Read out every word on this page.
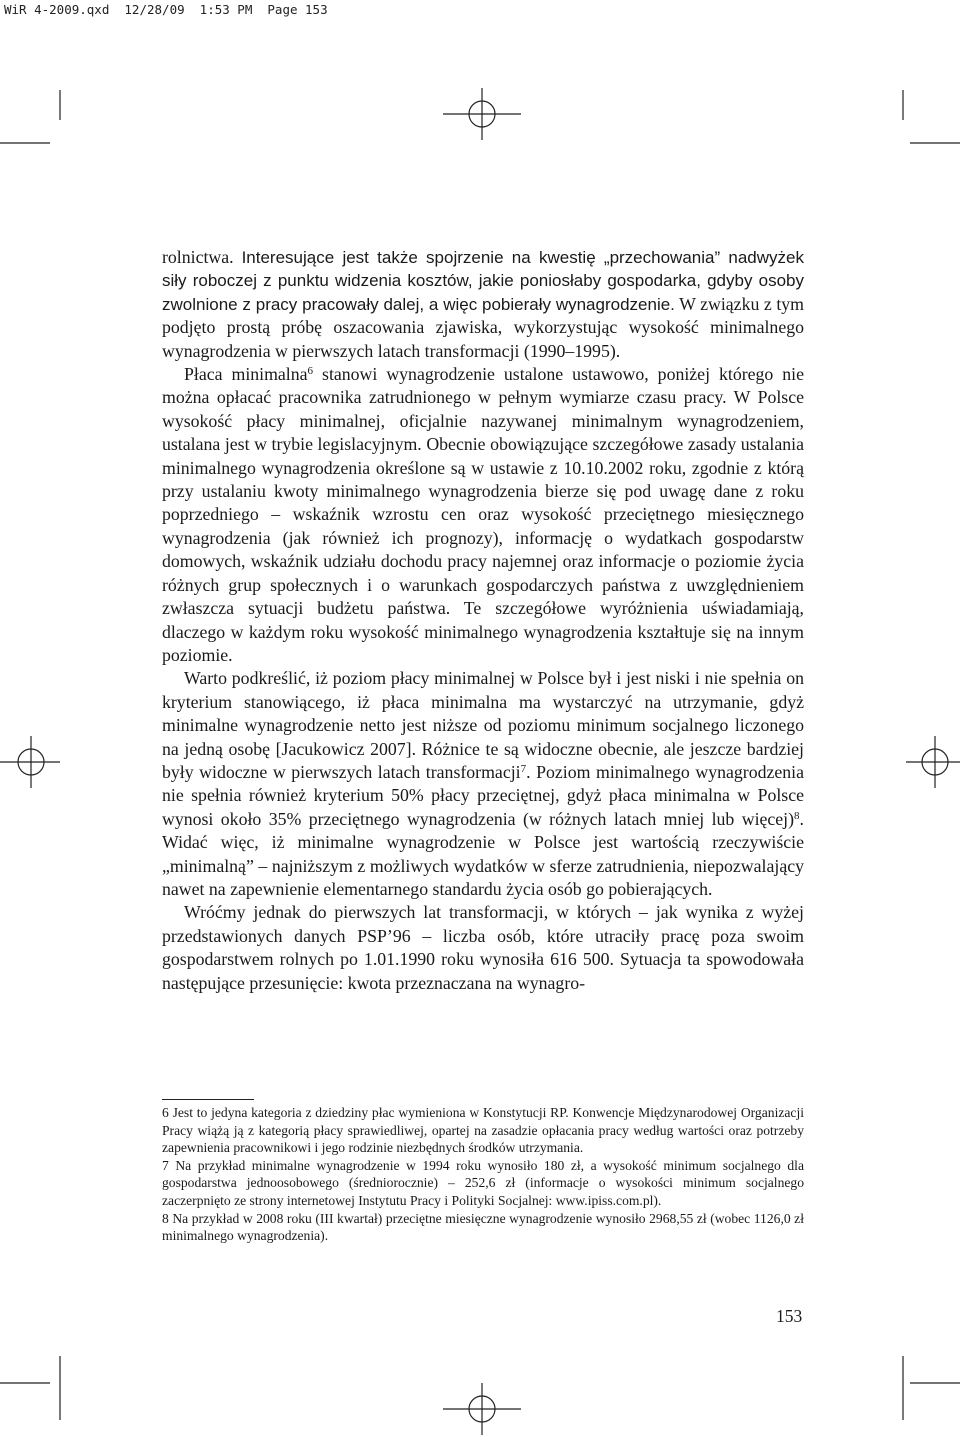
WiR 4-2009.qxd  12/28/09  1:53 PM  Page 153

rolnictwa. Interesujące jest także spojrzenie na kwestię „przechowania” nadwyżek siły roboczej z punktu widzenia kosztów, jakie poniosłaby gospodarka, gdyby osoby zwolnione z pracy pracowały dalej, a więc pobierały wynagrodzenie. W związku z tym podjęto prostą próbę oszacowania zjawiska, wykorzystując wysokość minimalnego wynagrodzenia w pierwszych latach transformacji (1990–1995).

Płaca minimalna$^6$ stanowi wynagrodzenie ustalone ustawowo, poniżej którego nie można opłacać pracownika zatrudnionego w pełnym wymiarze czasu pracy. W Polsce wysokość płacy minimalnej, oficjalnie nazywanej minimalnym wynagrodzeniem, ustalana jest w trybie legislacyjnym. Obecnie obowiązujące szczegółowe zasady ustalania minimalnego wynagrodzenia określone są w ustawie z 10.10.2002 roku, zgodnie z którą przy ustalaniu kwoty minimalnego wynagrodzenia bierze się pod uwagę dane z roku poprzedniego – wskaźnik wzrostu cen oraz wysokość przeciętnego miesięcznego wynagrodzenia (jak również ich prognozy), informację o wydatkach gospodarstw domowych, wskaźnik udziału dochodu pracy najemnej oraz informacje o poziomie życia różnych grup społecznych i o warunkach gospodarczych państwa z uwzględnieniem zwłaszcza sytuacji budżetu państwa. Te szczegółowe wyróżnienia uświadamiają, dlaczego w każdym roku wysokość minimalnego wynagrodzenia kształtuje się na innym poziomie.

Warto podkreślić, iż poziom płacy minimalnej w Polsce był i jest niski i nie spełnia on kryterium stanowiącego, iż płaca minimalna ma wystarczyć na utrzymanie, gdyż minimalne wynagrodzenie netto jest niższe od poziomu minimum socjalnego liczonego na jedną osobę [Jacukowicz 2007]. Różnice te są widoczne obecnie, ale jeszcze bardziej były widoczne w pierwszych latach transformacji$^7$. Poziom minimalnego wynagrodzenia nie spełnia również kryterium 50% płacy przeciętnej, gdyż płaca minimalna w Polsce wynosi około 35% przeciętnego wynagrodzenia (w różnych latach mniej lub więcej)$^8$. Widać więc, iż minimalne wynagrodzenie w Polsce jest wartością rzeczywiście „minimalną” – najniższym z możliwych wydatków w sferze zatrudnienia, niepozwalający nawet na zapewnienie elementarnego standardu życia osób go pobierających.

Wróćmy jednak do pierwszych lat transformacji, w których – jak wynika z wyżej przedstawionych danych PSP’96 – liczba osób, które utraciły pracę poza swoim gospodarstwem rolnych po 1.01.1990 roku wynosiła 616 500. Sytuacja ta spowodowała następujące przesunięcie: kwota przeznaczana na wynagro-

6 Jest to jedyna kategoria z dziedziny płac wymieniona w Konstytucji RP. Konwencje Międzynarodowej Organizacji Pracy wiążą ją z kategorią płacy sprawiedliwej, opartej na zasadzie opłacania pracy według wartości oraz potrzeby zapewnienia pracownikowi i jego rodzinie niezbędnych środków utrzymania.

7 Na przykład minimalne wynagrodzenie w 1994 roku wynosiło 180 zł, a wysokość minimum socjalnego dla gospodarstwa jednoosobowego (średniorocznie) – 252,6 zł (informacje o wysokości minimum socjalnego zaczerpnięto ze strony internetowej Instytutu Pracy i Polityki Socjalnej: www.ipiss.com.pl).

8 Na przykład w 2008 roku (III kwartał) przeciętne miesięczne wynagrodzenie wynosiło 2968,55 zł (wobec 1126,0 zł minimalnego wynagrodzenia).

153
